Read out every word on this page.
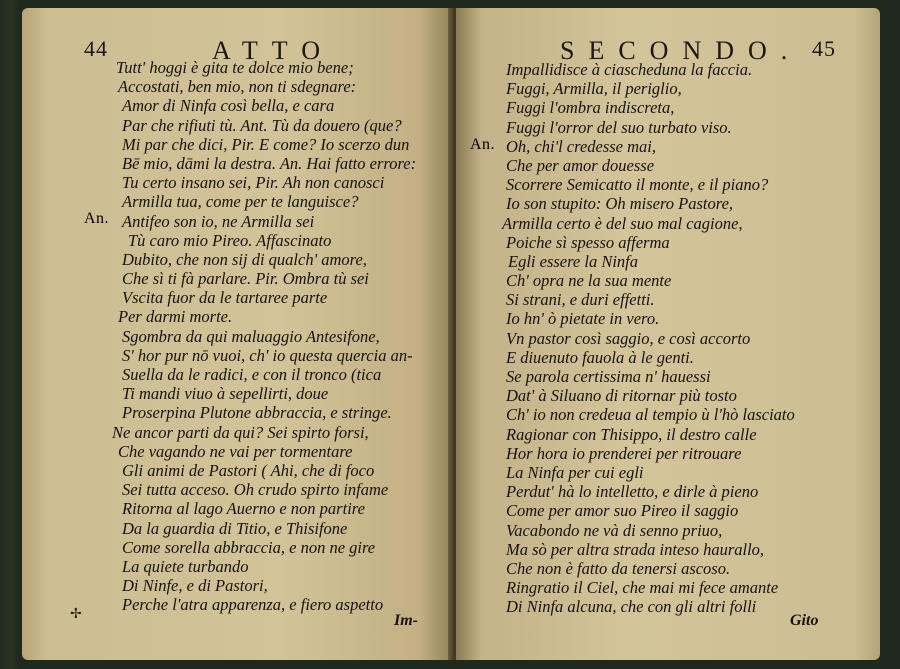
44	ATTO
Tutt' hoggi è gita te dolce mio bene;
Accostati, ben mio, non ti sdegnare:
Amor di Ninfa così bella, e cara
Par che rifiuti tù. Ant. Tù da douero (que?
Mi par che dici, Pir. E come? Io scerzo dun
Bē mio, dāmi la destra. An. Hai fatto errore:
Tu certo insano sei, Pir. Ah non canosci
Armilla tua, come per te languisce?
Antifeo son io, ne Armilla sei
Tù caro mio Pireo. Affascinato
Dubito, che non sij di qualch' amore,
Che sì ti fà parlare. Pir. Ombra tù sei
Vscita fuor da le tartaree parte
Per darmi morte.
Sgombra da qui maluaggio Antesifone,
S' hor pur nō vuoi, ch' io questa quercia an-
Suella da le radici, e con il tronco (tica
Ti mandi viuo à sepellirti, doue
Proserpina Plutone abbraccia, e stringe.
Ne ancor parti da qui? Sei spirto forsi,
Che vagando ne vai per tormentare
Gli animi de Pastori ( Ahi, che di foco
Sei tutta acceso. Oh crudo spirto infame
Ritorna al lago Auerno e non partire
Da la guardia di Titio, e Thisifone
Come sorella abbraccia, e non ne gire
La quiete turbando
Di Ninfe, e di Pastori,
Perche l'atra apparenza, e fiero aspetto
An.
Im-
✢
SECONDO. 45
Impallidisce à ciascheduna la faccia.
Fuggi, Armilla, il periglio,
Fuggi l'ombra indiscreta,
Fuggi l'orror del suo turbato viso.
Oh, chi'l credesse mai,
Che per amor douesse
Scorrere Semicatto il monte, e il piano?
Io son stupito: Oh misero Pastore,
Armilla certo è del suo mal cagione,
Poiche sì spesso afferma
Egli essere la Ninfa
Ch' opra ne la sua mente
Si strani, e duri effetti.
Io hn' ò pietate in vero.
Vn pastor così saggio, e così accorto
E diuenuto fauola à le genti.
Se parola certissima n' hauessi
Dat' à Siluano di ritornar più tosto
Ch' io non credeua al tempio ù l'hò lasciato
Ragionar con Thisippo, il destro calle
Hor hora io prenderei per ritrouare
La Ninfa per cui egli
Perdut' hà lo intelletto, e dirle à pieno
Come per amor suo Pireo il saggio
Vacabondo ne và di senno priuo,
Ma sò per altra strada inteso haurallo,
Che non è fatto da tenersi ascoso.
Ringratio il Ciel, che mai mi fece amante
Di Ninfa alcuna, che con gli altri folli
An.
Gito
